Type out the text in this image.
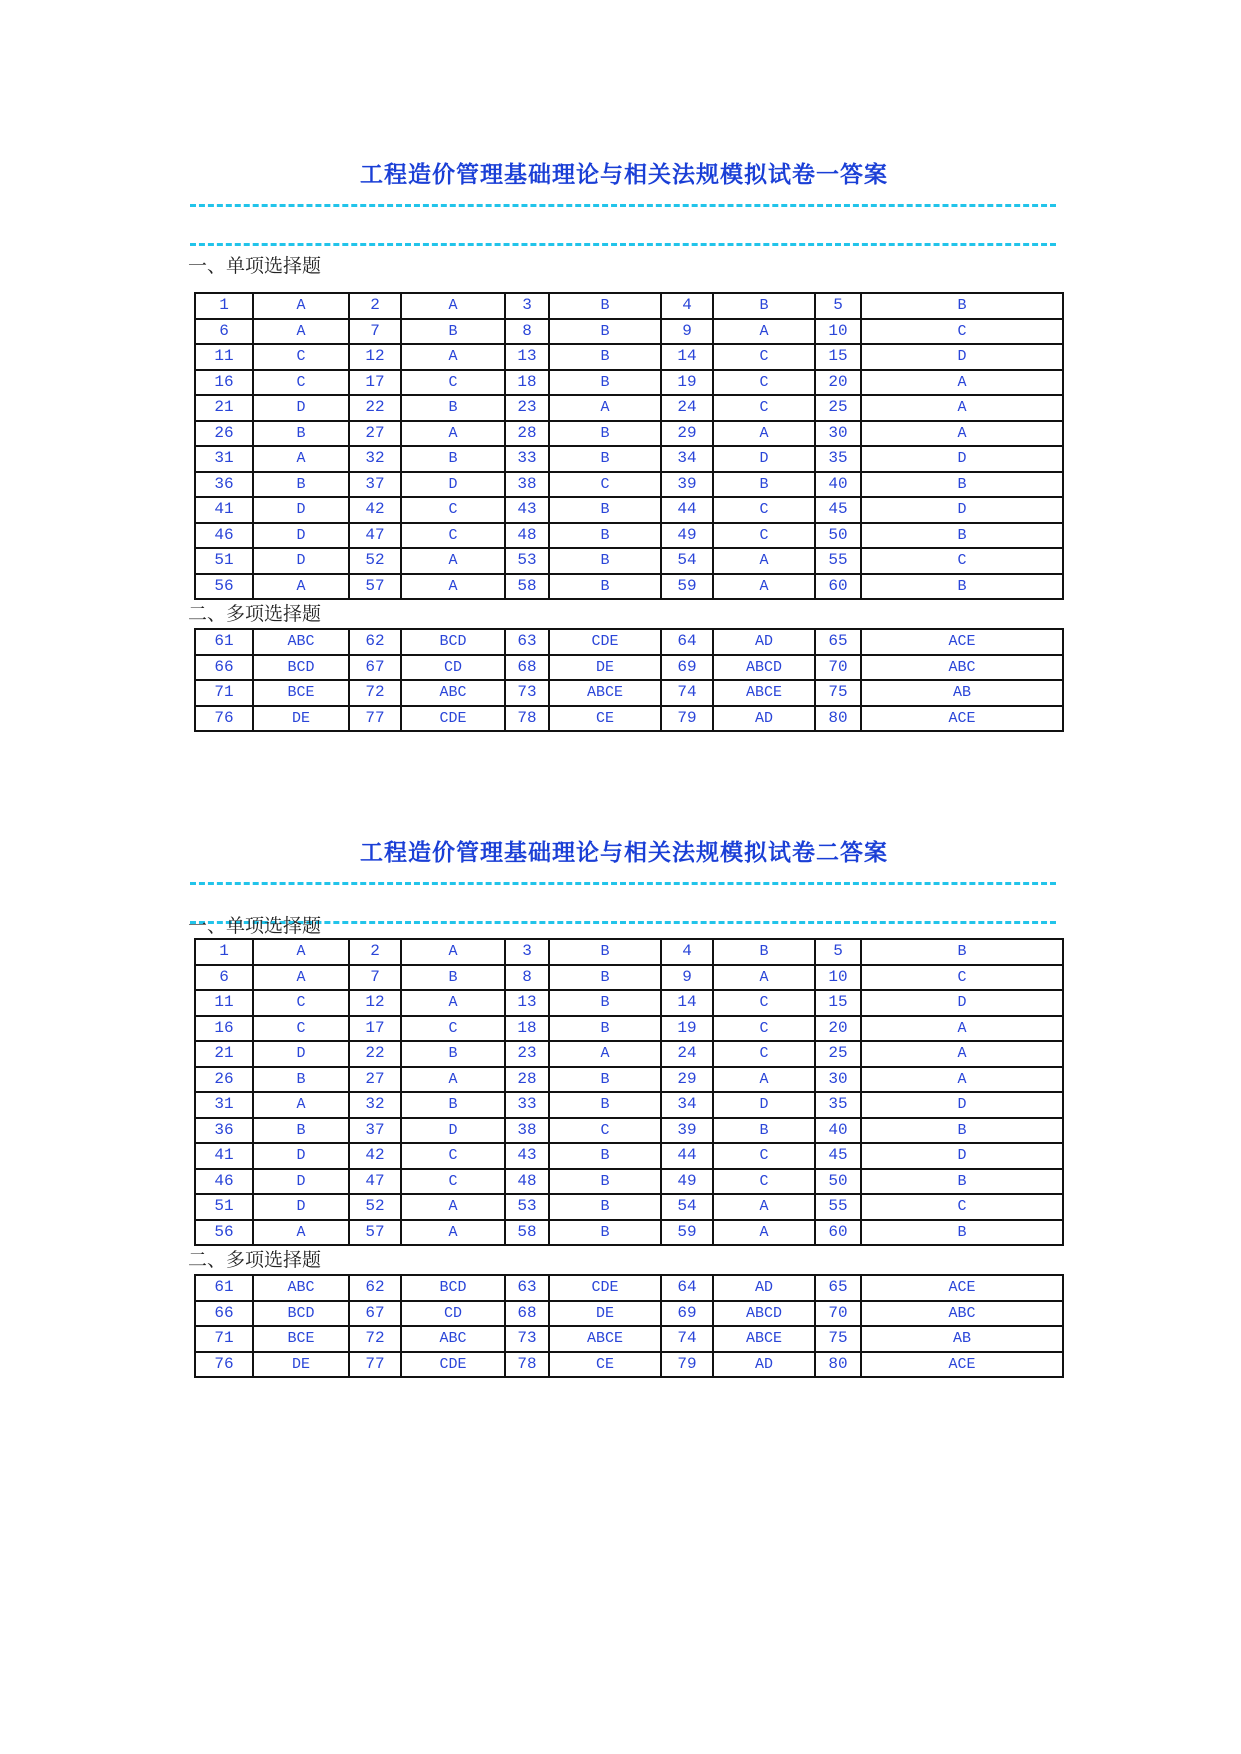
工程造价管理基础理论与相关法规模拟试卷一答案

一、单项选择题

1	A	2	A	3	B	4	B	5	B
6	A	7	B	8	B	9	A	10	C
11	C	12	A	13	B	14	C	15	D
16	C	17	C	18	B	19	C	20	A
21	D	22	B	23	A	24	C	25	A
26	B	27	A	28	B	29	A	30	A
31	A	32	B	33	B	34	D	35	D
36	B	37	D	38	C	39	B	40	B
41	D	42	C	43	B	44	C	45	D
46	D	47	C	48	B	49	C	50	B
51	D	52	A	53	B	54	A	55	C
56	A	57	A	58	B	59	A	60	B

二、多项选择题

61	ABC	62	BCD	63	CDE	64	AD	65	ACE
66	BCD	67	CD	68	DE	69	ABCD	70	ABC
71	BCE	72	ABC	73	ABCE	74	ABCE	75	AB
76	DE	77	CDE	78	CE	79	AD	80	ACE
工程造价管理基础理论与相关法规模拟试卷二答案

一、单项选择题

1	A	2	A	3	B	4	B	5	B
6	A	7	B	8	B	9	A	10	C
11	C	12	A	13	B	14	C	15	D
16	C	17	C	18	B	19	C	20	A
21	D	22	B	23	A	24	C	25	A
26	B	27	A	28	B	29	A	30	A
31	A	32	B	33	B	34	D	35	D
36	B	37	D	38	C	39	B	40	B
41	D	42	C	43	B	44	C	45	D
46	D	47	C	48	B	49	C	50	B
51	D	52	A	53	B	54	A	55	C
56	A	57	A	58	B	59	A	60	B

二、多项选择题

61	ABC	62	BCD	63	CDE	64	AD	65	ACE
66	BCD	67	CD	68	DE	69	ABCD	70	ABC
71	BCE	72	ABC	73	ABCE	74	ABCE	75	AB
76	DE	77	CDE	78	CE	79	AD	80	ACE
